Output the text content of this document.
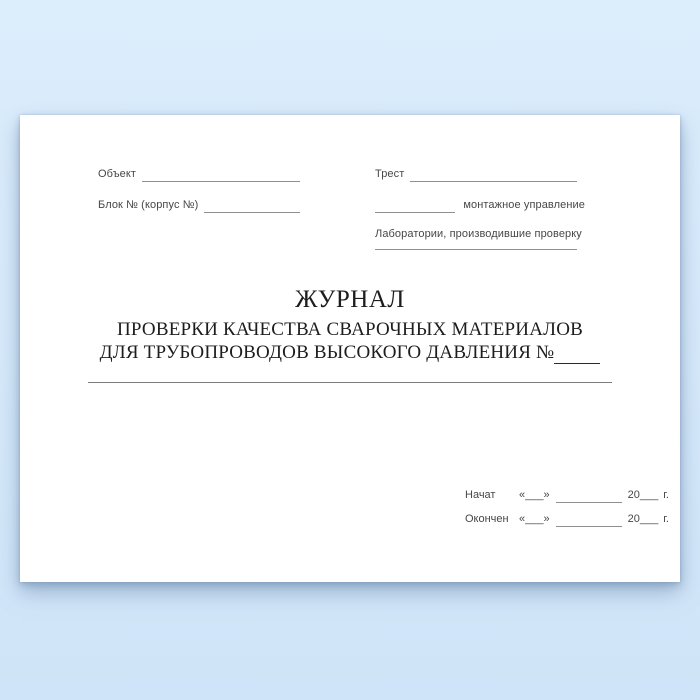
Объект
Блок № (корпус №)
Трест
монтажное управление
Лаборатории, производившие проверку
ЖУРНАЛ
ПРОВЕРКИ КАЧЕСТВА СВАРОЧНЫХ МАТЕРИАЛОВ
ДЛЯ ТРУБОПРОВОДОВ ВЫСОКОГО ДАВЛЕНИЯ №
Начат	«___»	20___ г.
Окончен «___»	20___ г.
